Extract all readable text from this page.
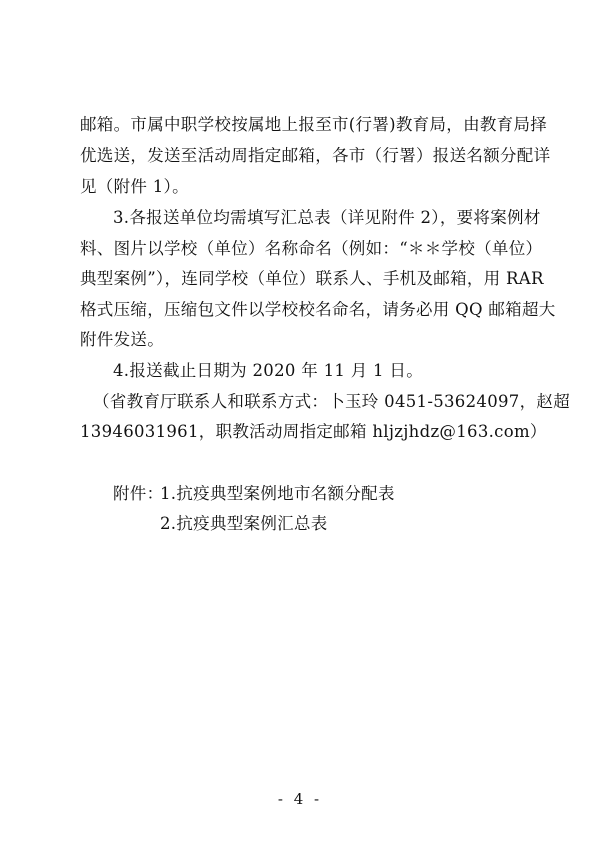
邮箱。市属中职学校按属地上报至市(行署)教育局，由教育局择
优选送，发送至活动周指定邮箱，各市（行署）报送名额分配详
见（附件 1）。
3.各报送单位均需填写汇总表（详见附件 2），要将案例材
料、图片以学校（单位）名称命名（例如：“＊＊学校（单位）
典型案例”），连同学校（单位）联系人、手机及邮箱，用 RAR
格式压缩，压缩包文件以学校校名命名，请务必用 QQ 邮箱超大
附件发送。
4.报送截止日期为 2020 年 11 月 1 日。
（省教育厅联系人和联系方式：卜玉玲 0451-53624097，赵超
13946031961，职教活动周指定邮箱 hljzjhdz@163.com）
附件：
1.抗疫典型案例地市名额分配表
2.抗疫典型案例汇总表
- 4 -
